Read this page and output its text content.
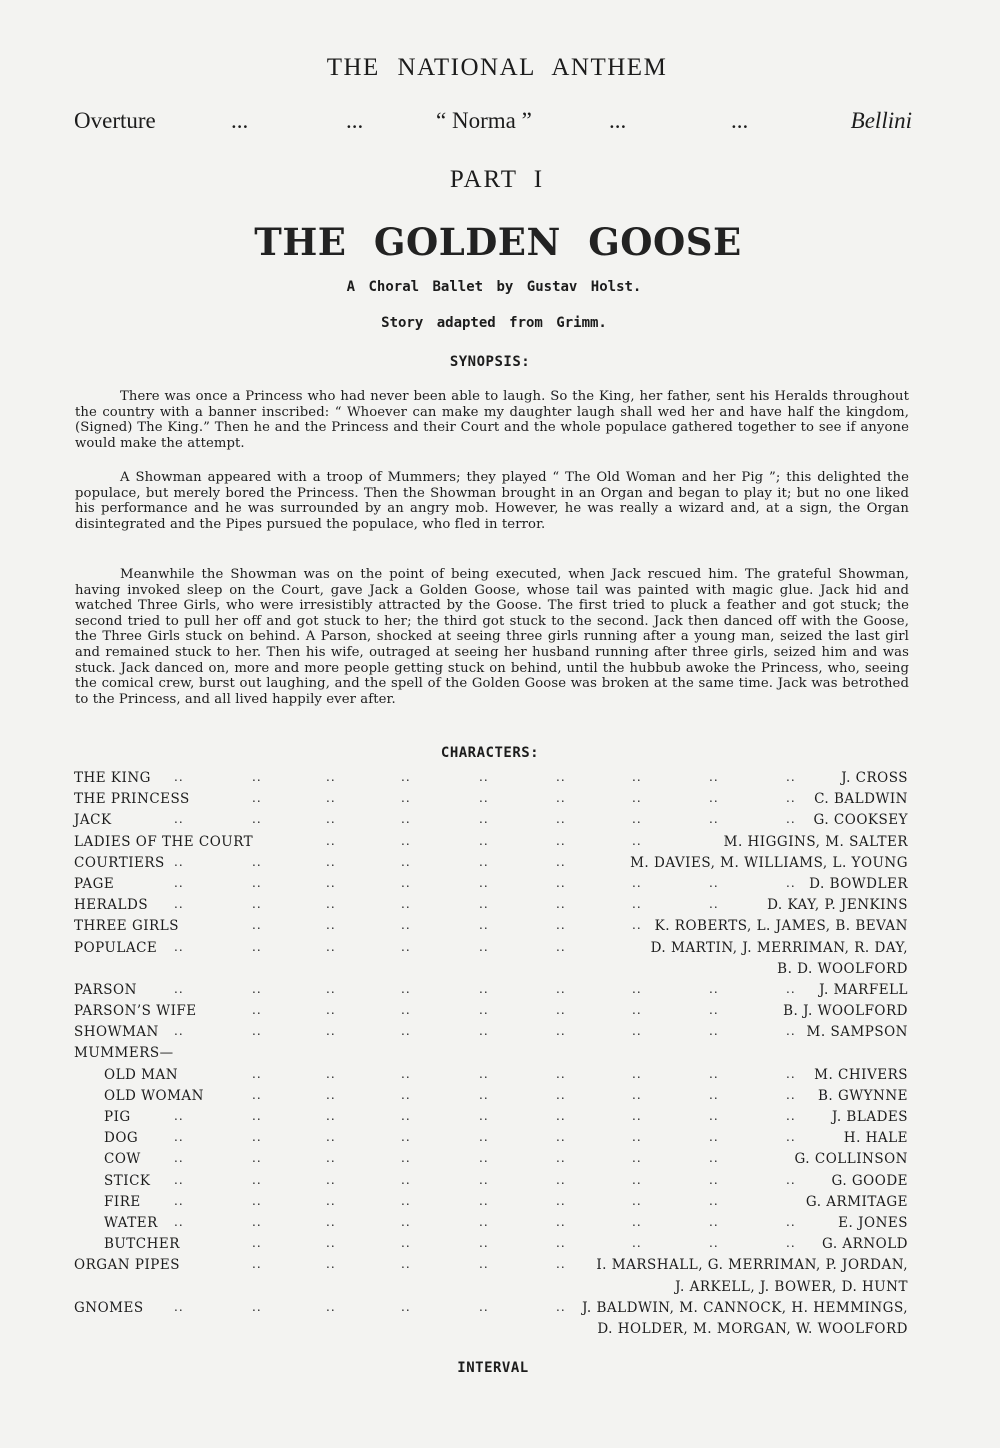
THE NATIONAL ANTHEM
Overture	...	...	“ Norma ”	...	...	Bellini
PART I
THE GOLDEN GOOSE
A Choral Ballet by Gustav Holst.
Story adapted from Grimm.
SYNOPSIS:
There was once a Princess who had never been able to laugh. So the King, her father, sent his Heralds throughout the country with a banner inscribed: “ Whoever can make my daughter laugh shall wed her and have half the kingdom, (Signed) The King.” Then he and the Princess and their Court and the whole populace gathered together to see if anyone would make the attempt.
A Showman appeared with a troop of Mummers; they played “ The Old Woman and her Pig ”; this delighted the populace, but merely bored the Princess. Then the Showman brought in an Organ and began to play it; but no one liked his performance and he was surrounded by an angry mob. However, he was really a wizard and, at a sign, the Organ disintegrated and the Pipes pursued the populace, who fled in terror.
Meanwhile the Showman was on the point of being executed, when Jack rescued him. The grateful Showman, having invoked sleep on the Court, gave Jack a Golden Goose, whose tail was painted with magic glue. Jack hid and watched Three Girls, who were irresistibly attracted by the Goose. The first tried to pluck a feather and got stuck; the second tried to pull her off and got stuck to her; the third got stuck to the second. Jack then danced off with the Goose, the Three Girls stuck on behind. A Parson, shocked at seeing three girls running after a young man, seized the last girl and remained stuck to her. Then his wife, outraged at seeing her husband running after three girls, seized him and was stuck. Jack danced on, more and more people getting stuck on behind, until the hubbub awoke the Princess, who, seeing the comical crew, burst out laughing, and the spell of the Golden Goose was broken at the same time. Jack was betrothed to the Princess, and all lived happily ever after.
CHARACTERS:
THE KING	J. CROSS
..	..	..	..	..	..	..	..	..
THE PRINCESS	C. BALDWIN
..	..	..	..	..	..	..	..
JACK	G. COOKSEY
..	..	..	..	..	..	..	..	..
LADIES OF THE COURT	M. HIGGINS, M. SALTER
..	..	..	..	..
COURTIERS	M. DAVIES, M. WILLIAMS, L. YOUNG
..	..	..	..	..	..
PAGE	D. BOWDLER
..	..	..	..	..	..	..	..	..
HERALDS	D. KAY, P. JENKINS
..	..	..	..	..	..	..	..
THREE GIRLS	K. ROBERTS, L. JAMES, B. BEVAN
..	..	..	..	..	..
POPULACE	D. MARTIN, J. MERRIMAN, R. DAY,
..	..	..	..	..	..
B. D. WOOLFORD
PARSON	J. MARFELL
..	..	..	..	..	..	..	..	..
PARSON’S WIFE	B. J. WOOLFORD
..	..	..	..	..	..	..
SHOWMAN	M. SAMPSON
..	..	..	..	..	..	..	..	..
MUMMERS—
OLD MAN	M. CHIVERS
..	..	..	..	..	..	..	..
OLD WOMAN	B. GWYNNE
..	..	..	..	..	..	..	..
PIG	J. BLADES
..	..	..	..	..	..	..	..	..
DOG	H. HALE
..	..	..	..	..	..	..	..	..
COW	G. COLLINSON
..	..	..	..	..	..	..	..
STICK	G. GOODE
..	..	..	..	..	..	..	..	..
FIRE	G. ARMITAGE
..	..	..	..	..	..	..	..
WATER	E. JONES
..	..	..	..	..	..	..	..	..
BUTCHER	G. ARNOLD
..	..	..	..	..	..	..	..
ORGAN PIPES	I. MARSHALL, G. MERRIMAN, P. JORDAN,
..	..	..	..	..
J. ARKELL, J. BOWER, D. HUNT
GNOMES	J. BALDWIN, M. CANNOCK, H. HEMMINGS,
..	..	..	..	..	..
D. HOLDER, M. MORGAN, W. WOOLFORD
INTERVAL
